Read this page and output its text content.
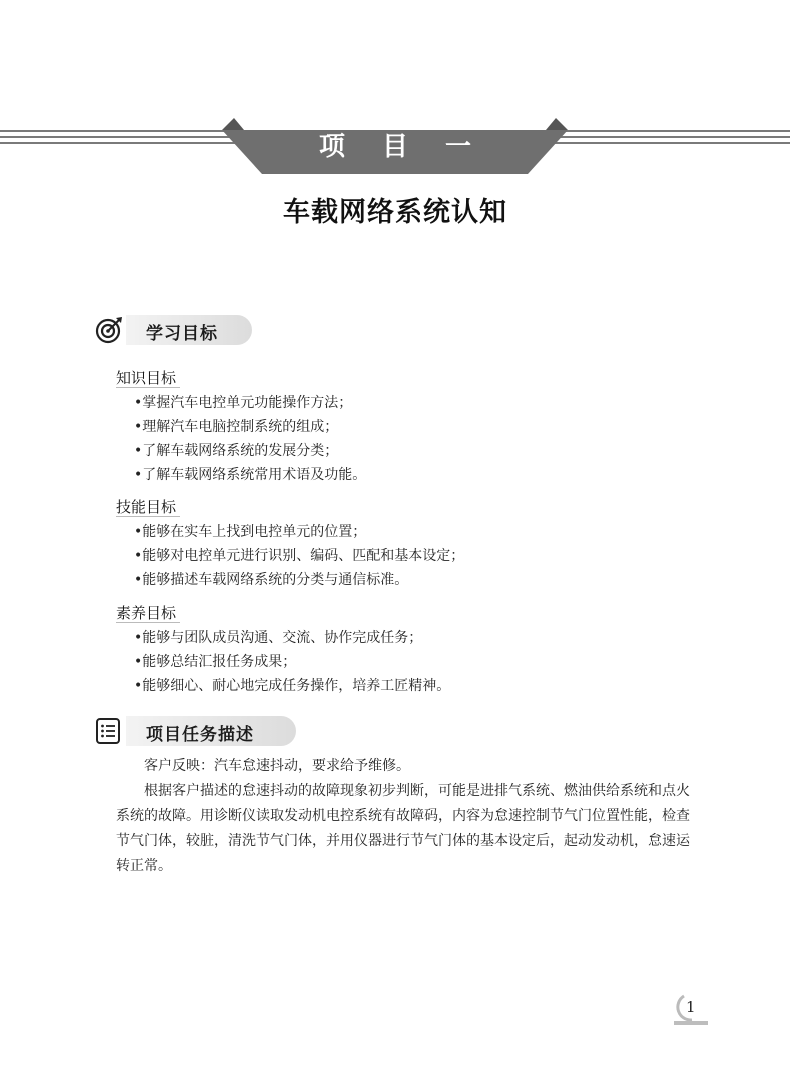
项 目 一
车载网络系统认知
学习目标
知识目标
•掌握汽车电控单元功能操作方法；
•理解汽车电脑控制系统的组成；
•了解车载网络系统的发展分类；
•了解车载网络系统常用术语及功能。
技能目标
•能够在实车上找到电控单元的位置；
•能够对电控单元进行识别、编码、匹配和基本设定；
•能够描述车载网络系统的分类与通信标准。
素养目标
•能够与团队成员沟通、交流、协作完成任务；
•能够总结汇报任务成果；
•能够细心、耐心地完成任务操作，培养工匠精神。
项目任务描述

客户反映：汽车怠速抖动，要求给予维修。

根据客户描述的怠速抖动的故障现象初步判断，可能是进排气系统、燃油供给系统和点火系统的故障。用诊断仪读取发动机电控系统有故障码，内容为怠速控制节气门位置性能，检查节气门体，较脏，清洗节气门体，并用仪器进行节气门体的基本设定后，起动发动机，怠速运转正常。

1
